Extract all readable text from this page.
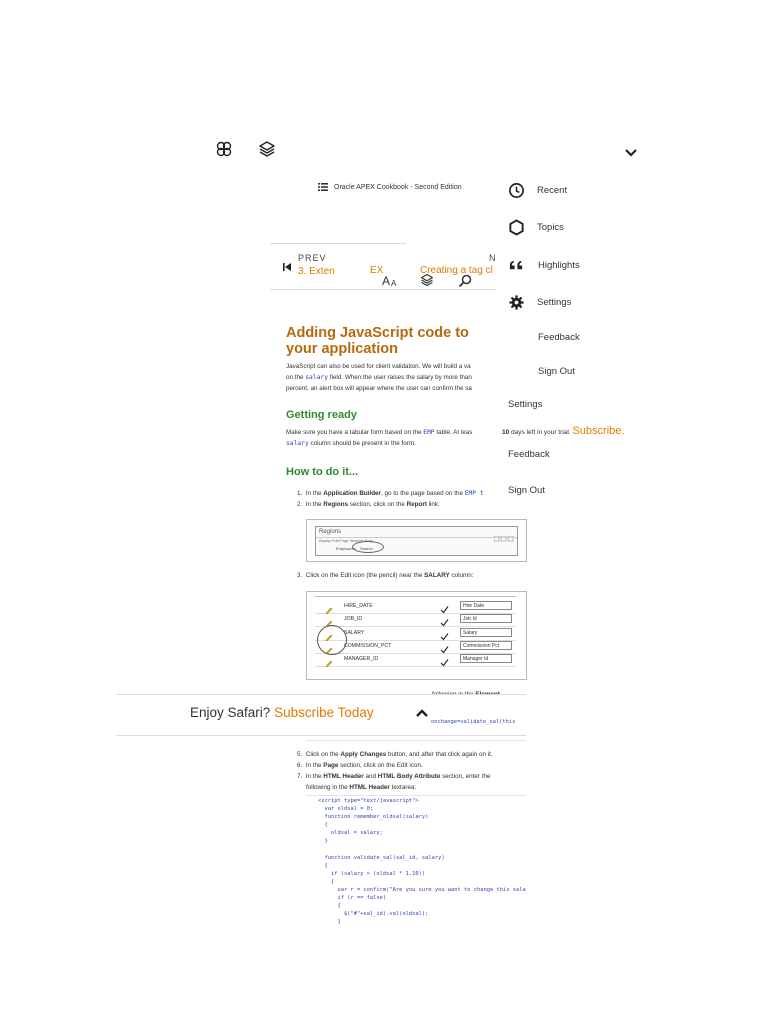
Oracle APEX Cookbook - Second Edition
PREV
3. Exten	EX
N
Creating a tag cl
A A
Adding JavaScript code to your application
JavaScript can also be used for client validation. We will build a va
on the salary field. When the user raises the salary by more than
percent, an alert box will appear where the user can confirm the sa
Getting ready
Make sure you have a tabular form based on the EMP table. At leas
salary column should be present in the form.
How to do it...
1. In the Application Builder, go to the page based on the EMP t
2. In the Regions section, click on the Report link:
Regions
Display Point Page Template Body
Employees Search
3. Click on the Edit icon (the pencil) near the SALARY column:
HIRE_DATE	Hire Date
JOB_ID	Job Id
SALARY	Salary
COMMISSION_PCT	Commission Pct
MANAGER_ID	Manager Id
Enjoy Safari? Subscribe Today
onchange=validate_sal(this
5. Click on the Apply Changes button, and after that click again on it.
6. In the Page section, click on the Edit icon.
7. In the HTML Header and HTML Body Attribute section, enter the
following in the HTML Header textarea:
<script type="text/javascript">
var oldsal = 0;
function remember_oldsal(salary)
{
oldsal = salary;
}

function validate_sal(sal_id, salary)
{
if (salary > (oldsal * 1.10))
{
var r = confirm("Are you sure you want to change this sala
if (r == false)
{
$("#"+sal_id).val(oldsal);
}
Recent
Topics
Highlights
Settings
Feedback
Sign Out
Settings
10 days left in your trial. Subscribe.
Feedback
Sign Out
